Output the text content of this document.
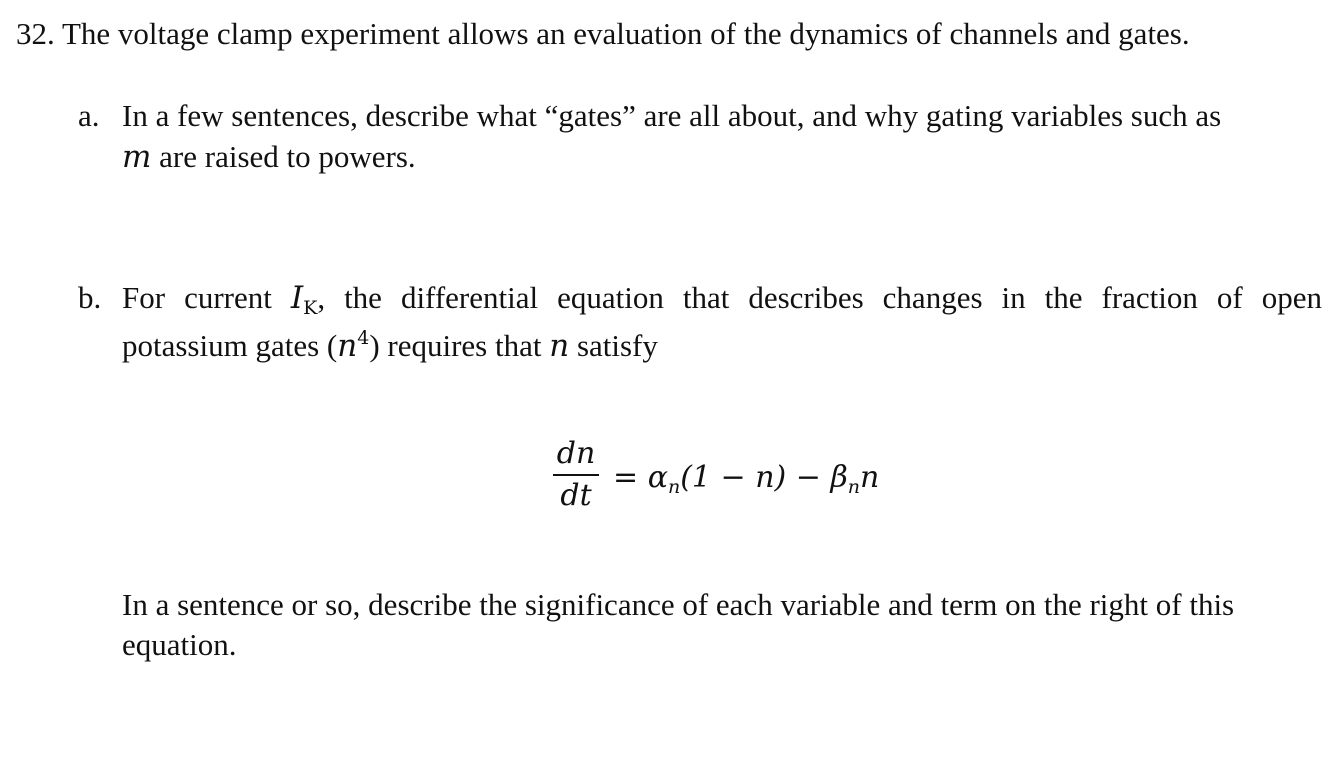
32. The voltage clamp experiment allows an evaluation of the dynamics of channels and gates.
a. In a few sentences, describe what “gates” are all about, and why gating variables such as
m are raised to powers.
b. For current $I_K$, the differential equation that describes changes in the fraction of open
potassium gates $(n^4)$ requires that n satisfy
dn
dt
= $\alpha_n(1 - n) - \beta_nn$
In a sentence or so, describe the significance of each variable and term on the right of this
equation.
